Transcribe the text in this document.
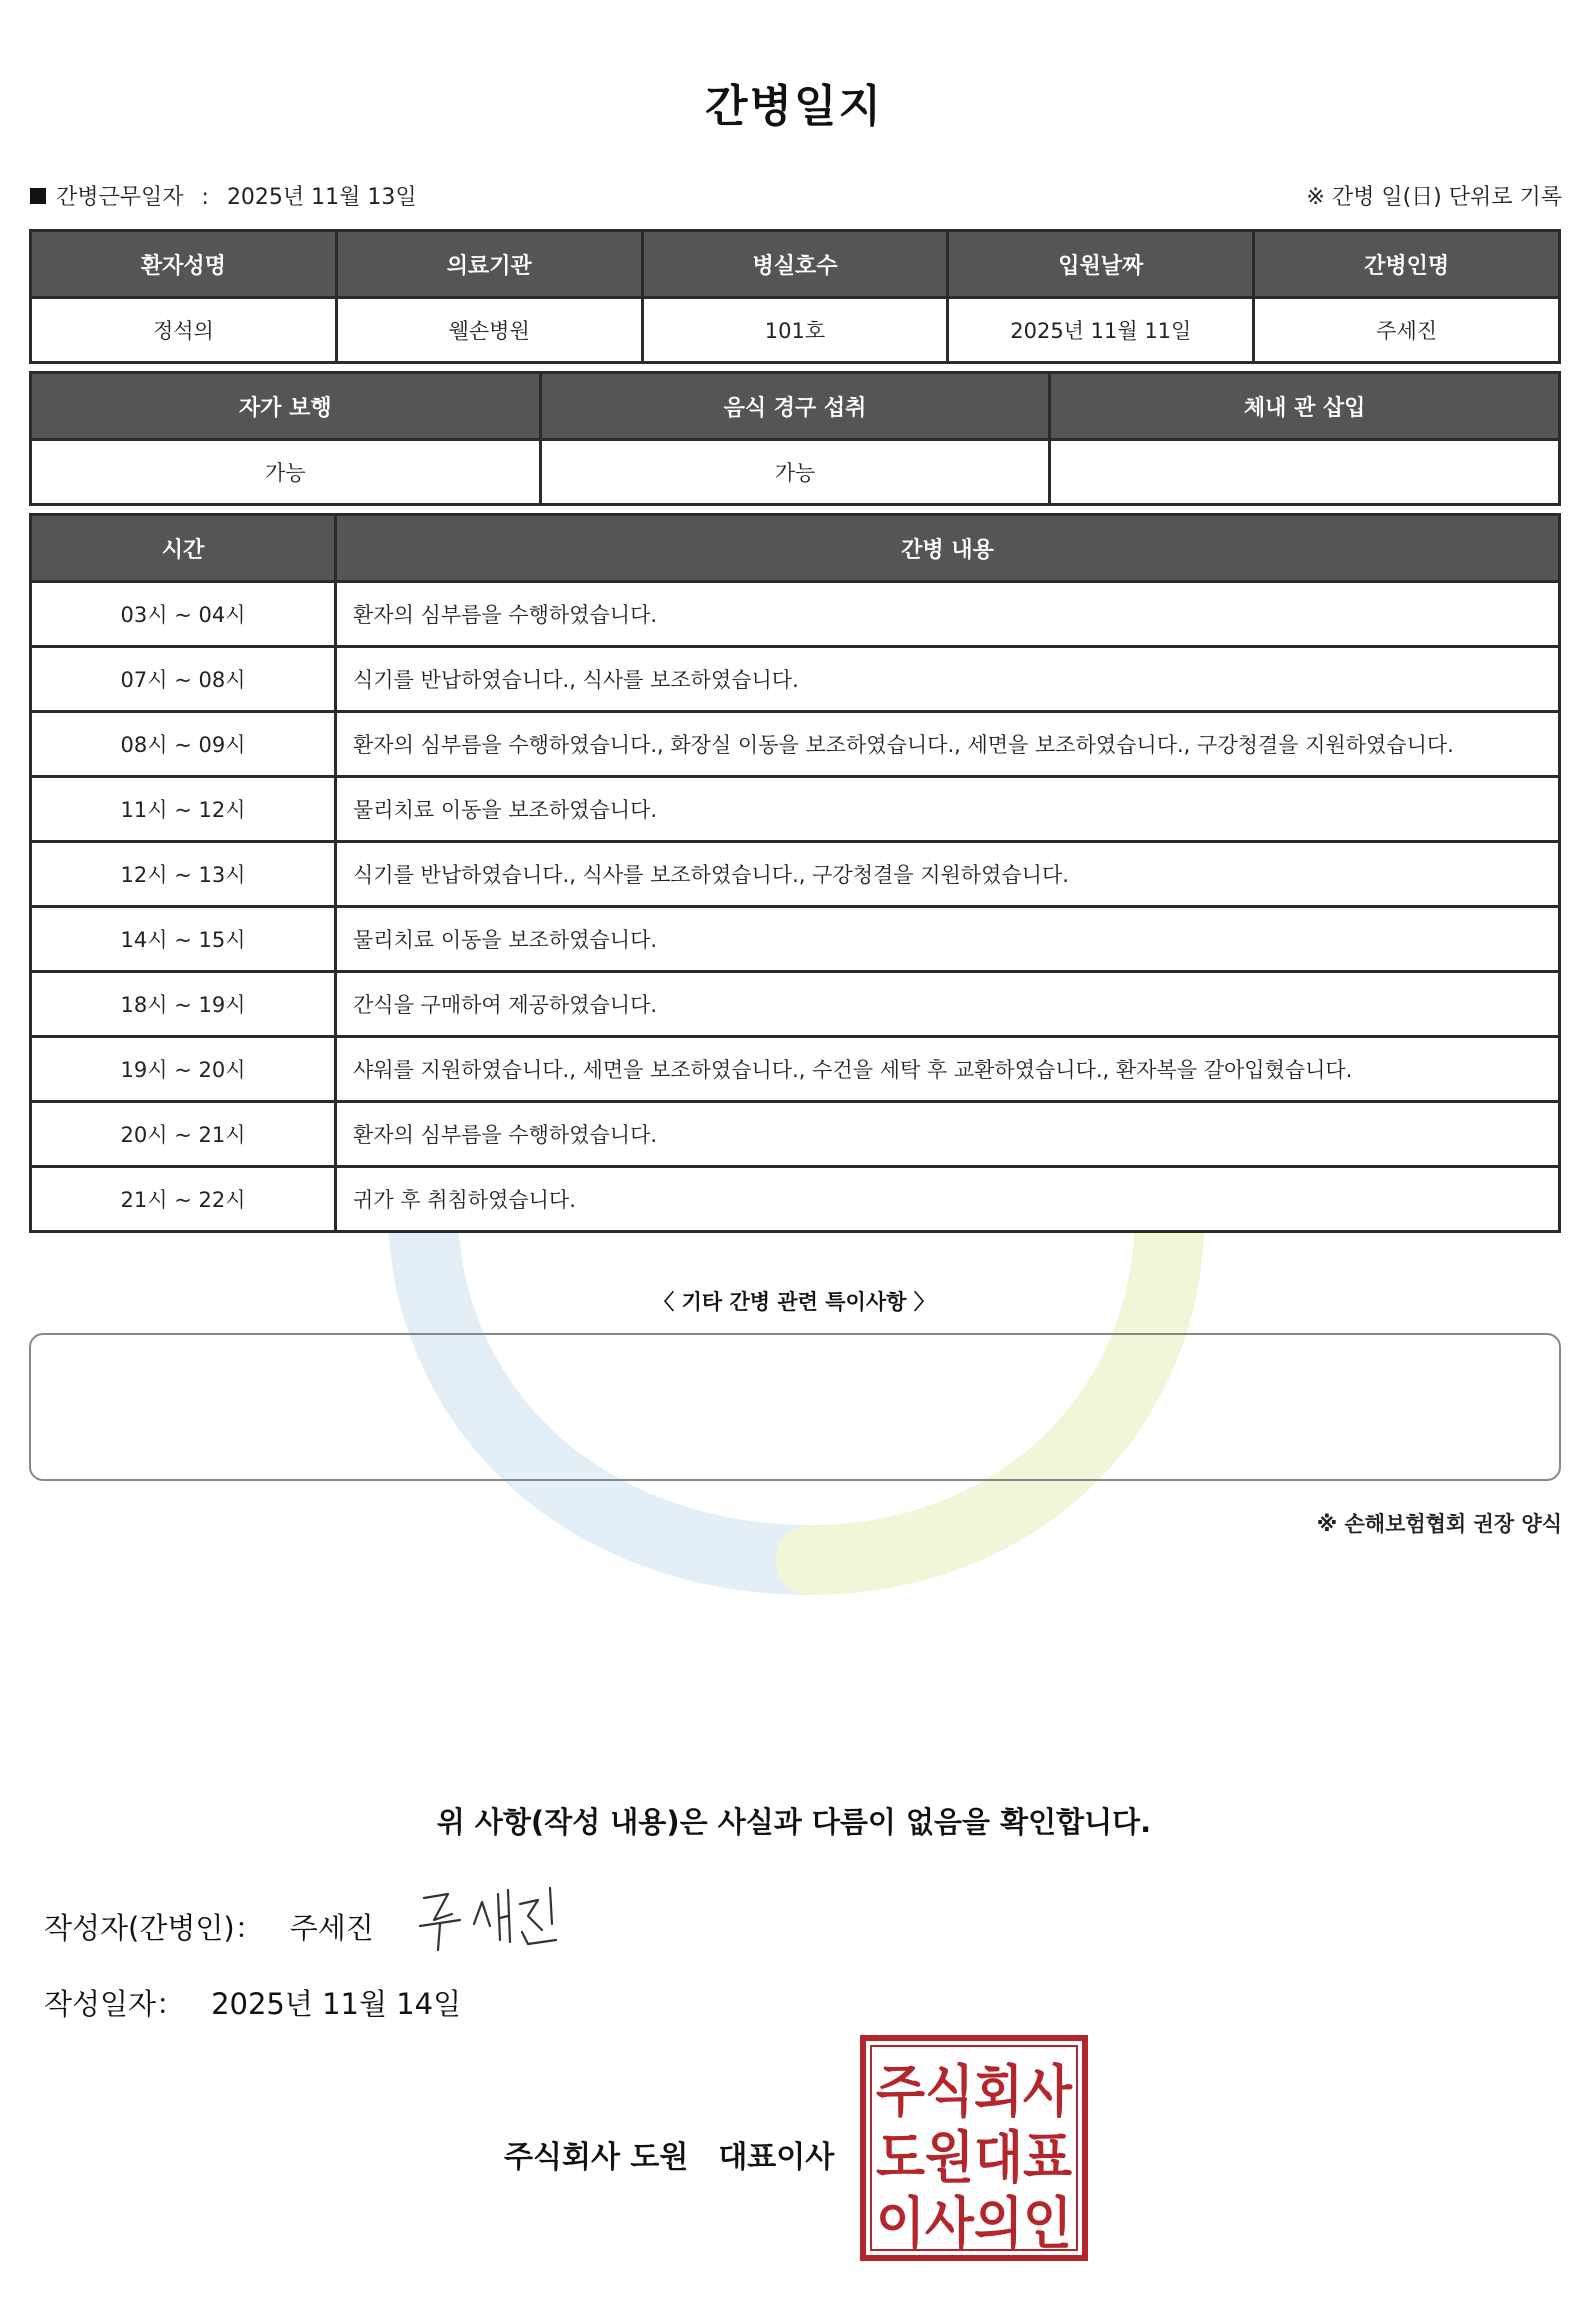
간병일지
간병근무일자 : 2025년 11월 13일	※ 간병 일(日) 단위로 기록
환자성명	의료기관	병실호수	입원날짜	간병인명
정석의	웰손병원	101호	2025년 11월 11일	주세진
자가 보행	음식 경구 섭취	체내 관 삽입
가능	가능	
시간	간병 내용
03시 ~ 04시	환자의 심부름을 수행하였습니다.
07시 ~ 08시	식기를 반납하였습니다., 식사를 보조하였습니다.
08시 ~ 09시	환자의 심부름을 수행하였습니다., 화장실 이동을 보조하였습니다., 세면을 보조하였습니다., 구강청결을 지원하였습니다.
11시 ~ 12시	물리치료 이동을 보조하였습니다.
12시 ~ 13시	식기를 반납하였습니다., 식사를 보조하였습니다., 구강청결을 지원하였습니다.
14시 ~ 15시	물리치료 이동을 보조하였습니다.
18시 ~ 19시	간식을 구매하여 제공하였습니다.
19시 ~ 20시	샤워를 지원하였습니다., 세면을 보조하였습니다., 수건을 세탁 후 교환하였습니다., 환자복을 갈아입혔습니다.
20시 ~ 21시	환자의 심부름을 수행하였습니다.
21시 ~ 22시	귀가 후 취침하였습니다.
〈 기타 간병 관련 특이사항 〉
※ 손해보험협회 권장 양식
위 사항(작성 내용)은 사실과 다름이 없음을 확인합니다.
작성자(간병인)： 주세진
작성일자： 2025년 11월 14일
주식회사 도원 대표이사
주식회사
도원대표
이사의인
